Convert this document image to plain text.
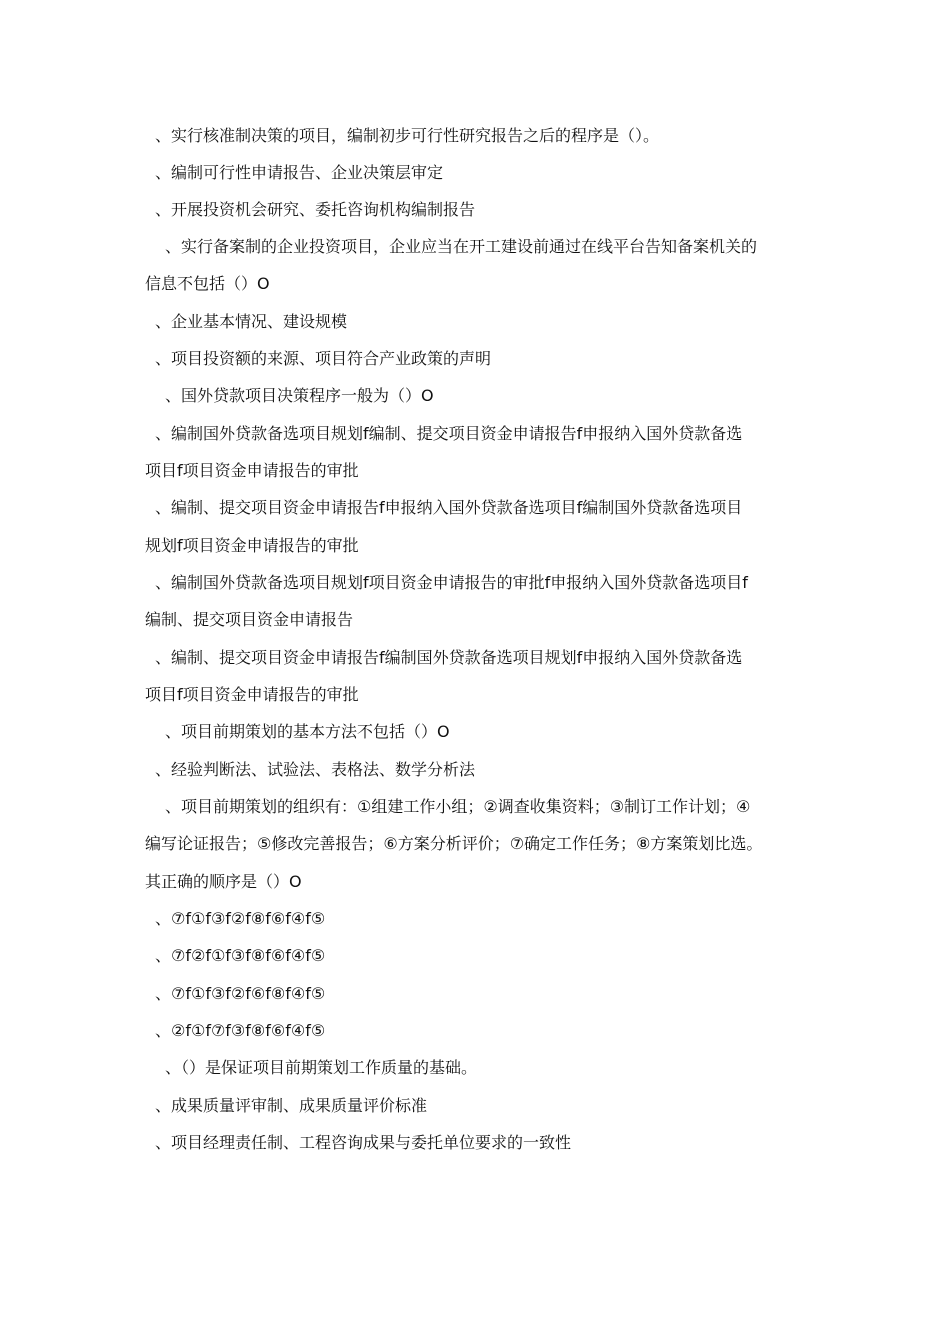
、实行核准制决策的项目，编制初步可行性研究报告之后的程序是（）。
、编制可行性申请报告、企业决策层审定
、开展投资机会研究、委托咨询机构编制报告
、实行备案制的企业投资项目，企业应当在开工建设前通过在线平台告知备案机关的
信息不包括（）O
、企业基本情况、建设规模
、项目投资额的来源、项目符合产业政策的声明
、国外贷款项目决策程序一般为（）O
、编制国外贷款备选项目规划f编制、提交项目资金申请报告f申报纳入国外贷款备选
项目f项目资金申请报告的审批
、编制、提交项目资金申请报告f申报纳入国外贷款备选项目f编制国外贷款备选项目
规划f项目资金申请报告的审批
、编制国外贷款备选项目规划f项目资金申请报告的审批f申报纳入国外贷款备选项目f
编制、提交项目资金申请报告
、编制、提交项目资金申请报告f编制国外贷款备选项目规划f申报纳入国外贷款备选
项目f项目资金申请报告的审批
、项目前期策划的基本方法不包括（）O
、经验判断法、试验法、表格法、数学分析法
、项目前期策划的组织有：①组建工作小组；②调查收集资料；③制订工作计划；④
编写论证报告；⑤修改完善报告；⑥方案分析评价；⑦确定工作任务；⑧方案策划比选。
其正确的顺序是（）O
、⑦f①f③f②f⑧f⑥f④f⑤
、⑦f②f①f③f⑧f⑥f④f⑤
、⑦f①f③f②f⑥f⑧f④f⑤
、②f①f⑦f③f⑧f⑥f④f⑤
、（）是保证项目前期策划工作质量的基础。
、成果质量评审制、成果质量评价标准
、项目经理责任制、工程咨询成果与委托单位要求的一致性
